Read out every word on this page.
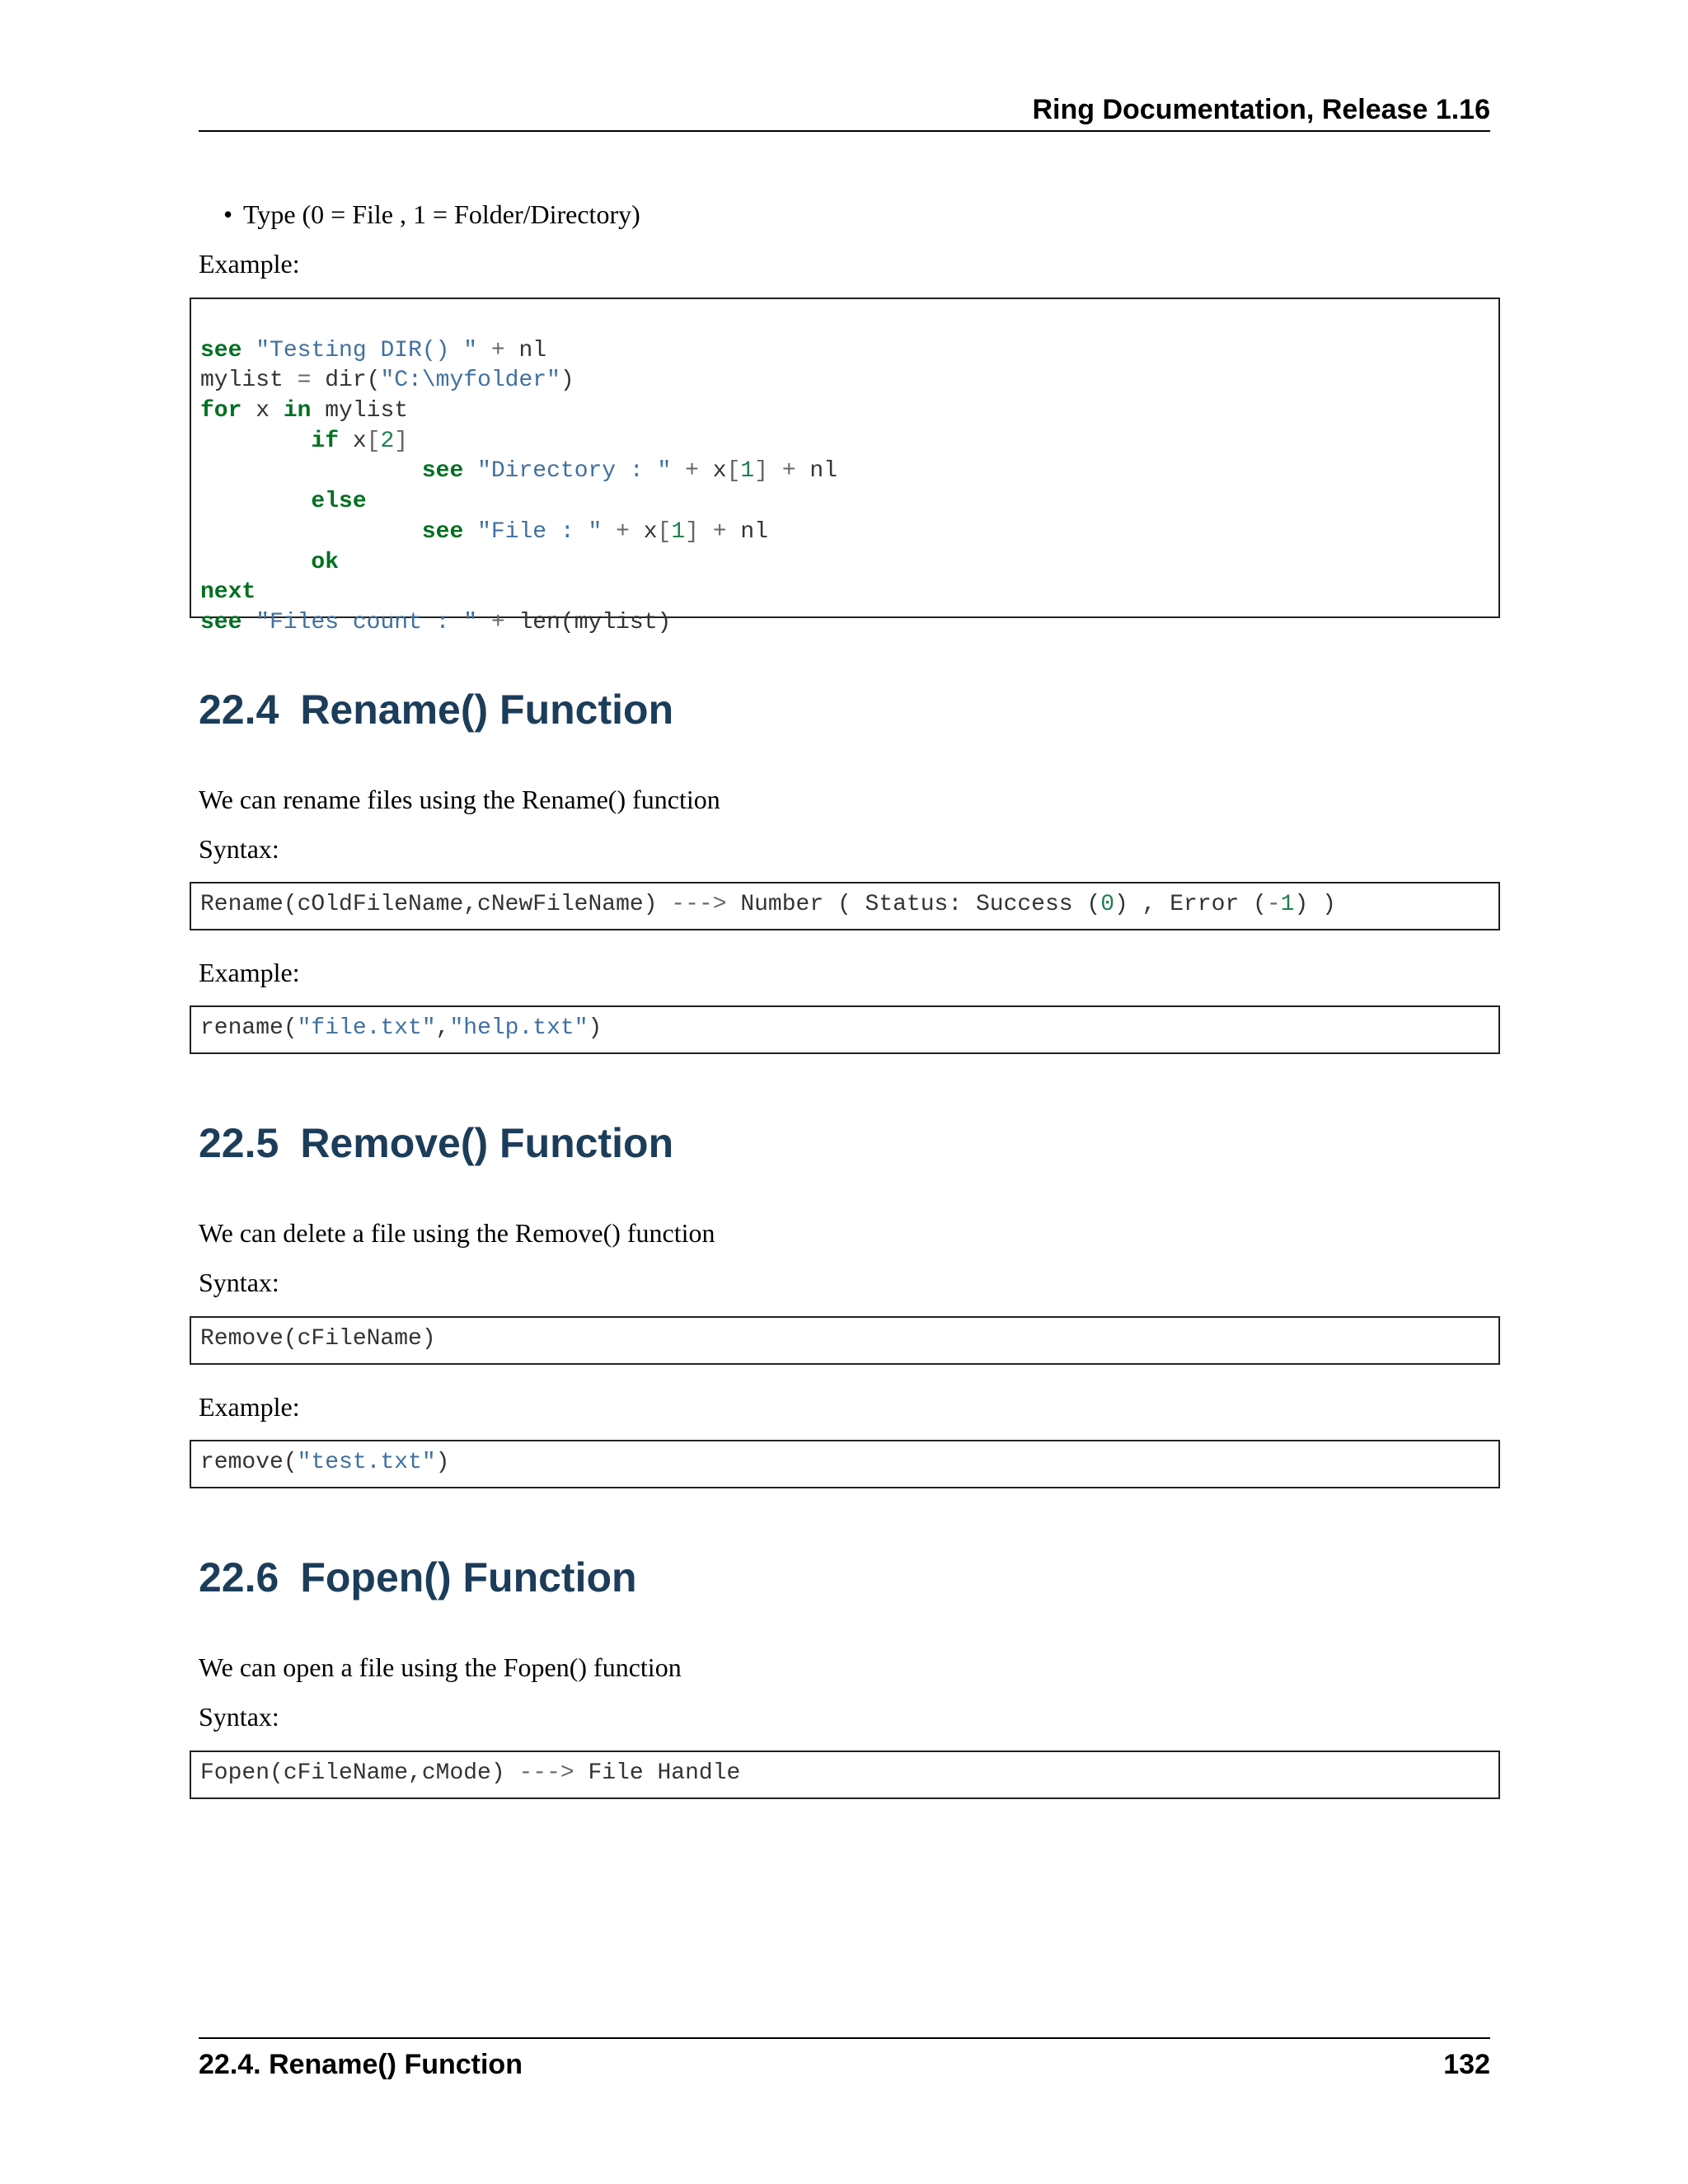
Ring Documentation, Release 1.16
• Type (0 = File , 1 = Folder/Directory)
Example:

see "Testing DIR() " + nl
mylist = dir("C:\myfolder")
for x in mylist
if x[2]
see "Directory : " + x[1] + nl
else
see "File : " + x[1] + nl
ok
next
see "Files count : " + len(mylist)
22.4 Rename() Function
We can rename files using the Rename() function
Syntax:
Rename(cOldFileName,cNewFileName) ---> Number ( Status: Success (0) , Error (-1) )
Example:
rename("file.txt","help.txt")
22.5 Remove() Function
We can delete a file using the Remove() function
Syntax:
Remove(cFileName)
Example:
remove("test.txt")
22.6 Fopen() Function
We can open a file using the Fopen() function
Syntax:
Fopen(cFileName,cMode) ---> File Handle
22.4. Rename() Function	132
